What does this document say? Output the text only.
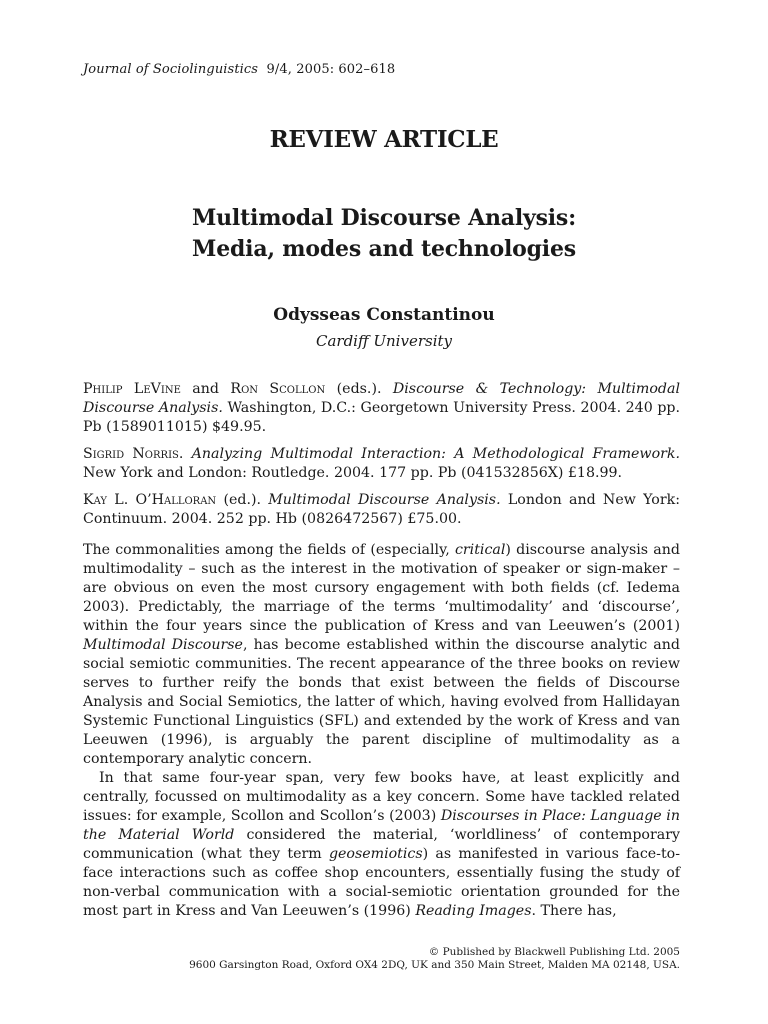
Journal of Sociolinguistics 9/4, 2005: 602–618
REVIEW ARTICLE
Multimodal Discourse Analysis:
Media, modes and technologies
Odysseas Constantinou
Cardiff University

Philip LeVine and Ron Scollon (eds.). Discourse & Technology: Multimodal Discourse Analysis. Washington, D.C.: Georgetown University Press. 2004. 240 pp. Pb (1589011015) $49.95.

Sigrid Norris. Analyzing Multimodal Interaction: A Methodological Framework. New York and London: Routledge. 2004. 177 pp. Pb (041532856X) £18.99.

Kay L. O’Halloran (ed.). Multimodal Discourse Analysis. London and New York: Continuum. 2004. 252 pp. Hb (0826472567) £75.00.

The commonalities among the fields of (especially, critical) discourse analysis and multimodality – such as the interest in the motivation of speaker or sign-maker – are obvious on even the most cursory engagement with both fields (cf. Iedema 2003). Predictably, the marriage of the terms ‘multimodality’ and ‘discourse’, within the four years since the publication of Kress and van Leeuwen’s (2001) Multimodal Discourse, has become established within the discourse analytic and social semiotic communities. The recent appearance of the three books on review serves to further reify the bonds that exist between the fields of Discourse Analysis and Social Semiotics, the latter of which, having evolved from Hallidayan Systemic Functional Linguistics (SFL) and extended by the work of Kress and van Leeuwen (1996), is arguably the parent discipline of multimodality as a contemporary analytic concern.

In that same four-year span, very few books have, at least explicitly and centrally, focussed on multimodality as a key concern. Some have tackled related issues: for example, Scollon and Scollon’s (2003) Discourses in Place: Language in the Material World considered the material, ‘worldliness’ of contemporary communication (what they term geosemiotics) as manifested in various face-to-face interactions such as coffee shop encounters, essentially fusing the study of non-verbal communication with a social-semiotic orientation grounded for the most part in Kress and Van Leeuwen’s (1996) Reading Images. There has,

© Published by Blackwell Publishing Ltd. 2005
9600 Garsington Road, Oxford OX4 2DQ, UK and 350 Main Street, Malden MA 02148, USA.
